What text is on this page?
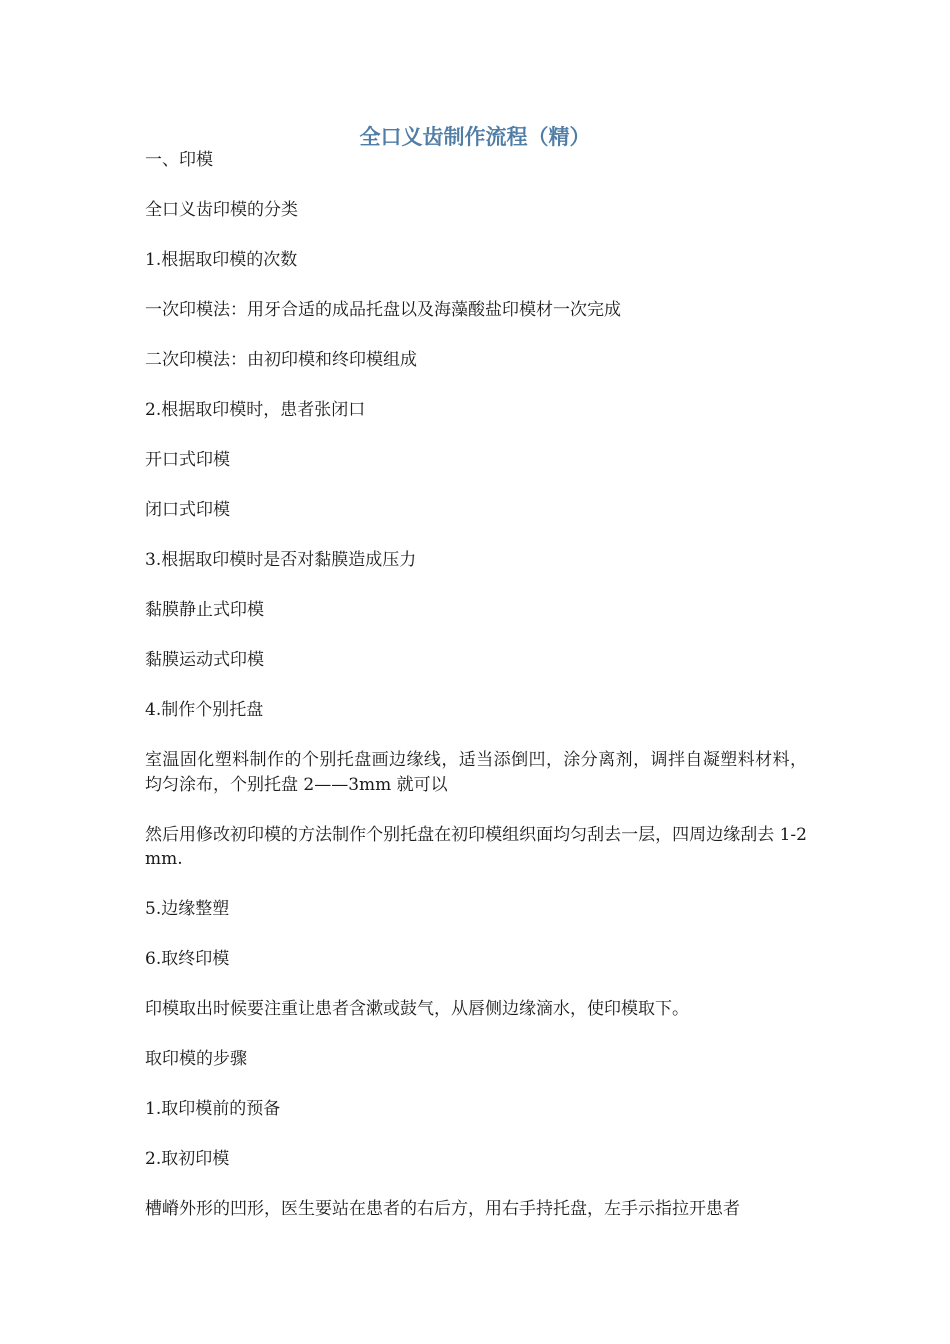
全口义齿制作流程（精）

一、印模

全口义齿印模的分类

1.根据取印模的次数

一次印模法：用牙合适的成品托盘以及海藻酸盐印模材一次完成

二次印模法：由初印模和终印模组成

2.根据取印模时，患者张闭口

开口式印模

闭口式印模

3.根据取印模时是否对黏膜造成压力

黏膜静止式印模

黏膜运动式印模

4.制作个别托盘

室温固化塑料制作的个别托盘画边缘线，适当添倒凹，涂分离剂，调拌自凝塑料材料，均匀涂布，个别托盘 2——3mm 就可以

然后用修改初印模的方法制作个别托盘在初印模组织面均匀刮去一层，四周边缘刮去 1-2mm.

5.边缘整塑

6.取终印模

印模取出时候要注重让患者含漱或鼓气，从唇侧边缘滴水，使印模取下。

取印模的步骤

1.取印模前的预备

2.取初印模

槽嵴外形的凹形，医生要站在患者的右后方，用右手持托盘，左手示指拉开患者
